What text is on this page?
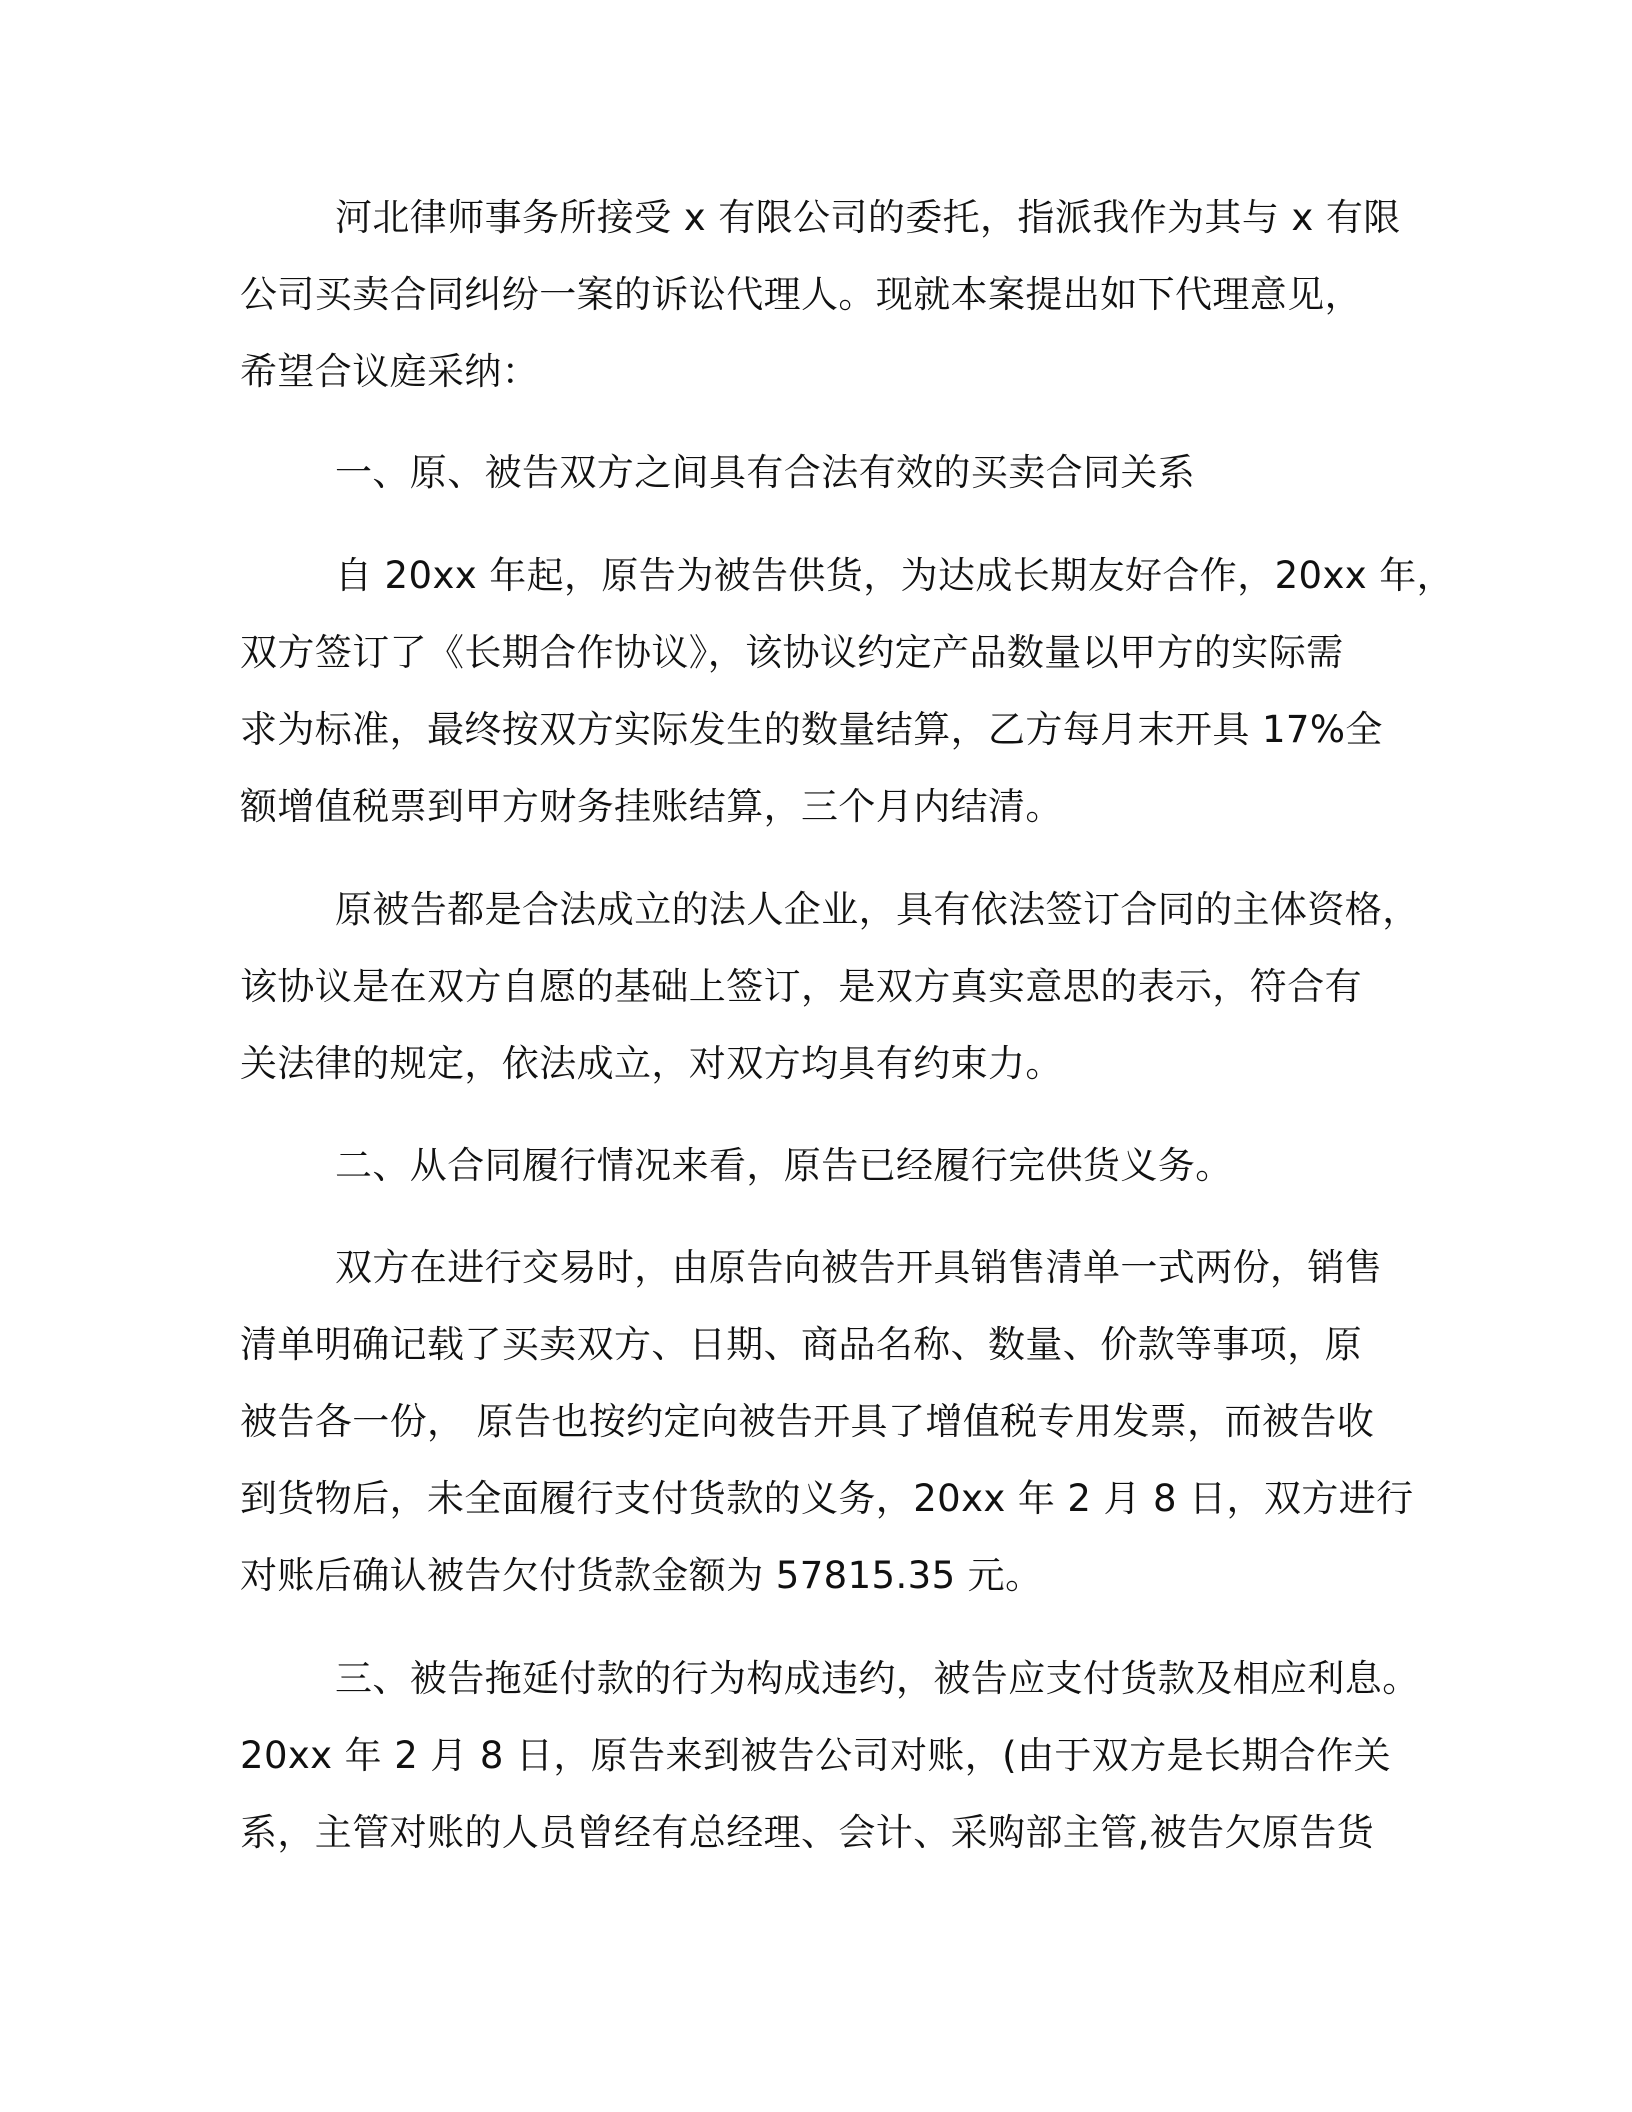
河北律师事务所接受 x 有限公司的委托，指派我作为其与 x 有限

公司买卖合同纠纷一案的诉讼代理人。现就本案提出如下代理意见，

希望合议庭采纳：

一、原、被告双方之间具有合法有效的买卖合同关系

自 20xx 年起，原告为被告供货，为达成长期友好合作，20xx 年，

双方签订了《长期合作协议》，该协议约定产品数量以甲方的实际需

求为标准，最终按双方实际发生的数量结算，乙方每月末开具 17%全

额增值税票到甲方财务挂账结算，三个月内结清。

原被告都是合法成立的法人企业，具有依法签订合同的主体资格，

该协议是在双方自愿的基础上签订，是双方真实意思的表示，符合有

关法律的规定，依法成立，对双方均具有约束力。

二、从合同履行情况来看，原告已经履行完供货义务。

双方在进行交易时，由原告向被告开具销售清单一式两份，销售

清单明确记载了买卖双方、日期、商品名称、数量、价款等事项，原

被告各一份， 原告也按约定向被告开具了增值税专用发票，而被告收

到货物后，未全面履行支付货款的义务，20xx 年 2 月 8 日，双方进行

对账后确认被告欠付货款金额为 57815.35 元。

三、被告拖延付款的行为构成违约，被告应支付货款及相应利息。

20xx 年 2 月 8 日，原告来到被告公司对账，(由于双方是长期合作关

系，主管对账的人员曾经有总经理、会计、采购部主管,被告欠原告货
